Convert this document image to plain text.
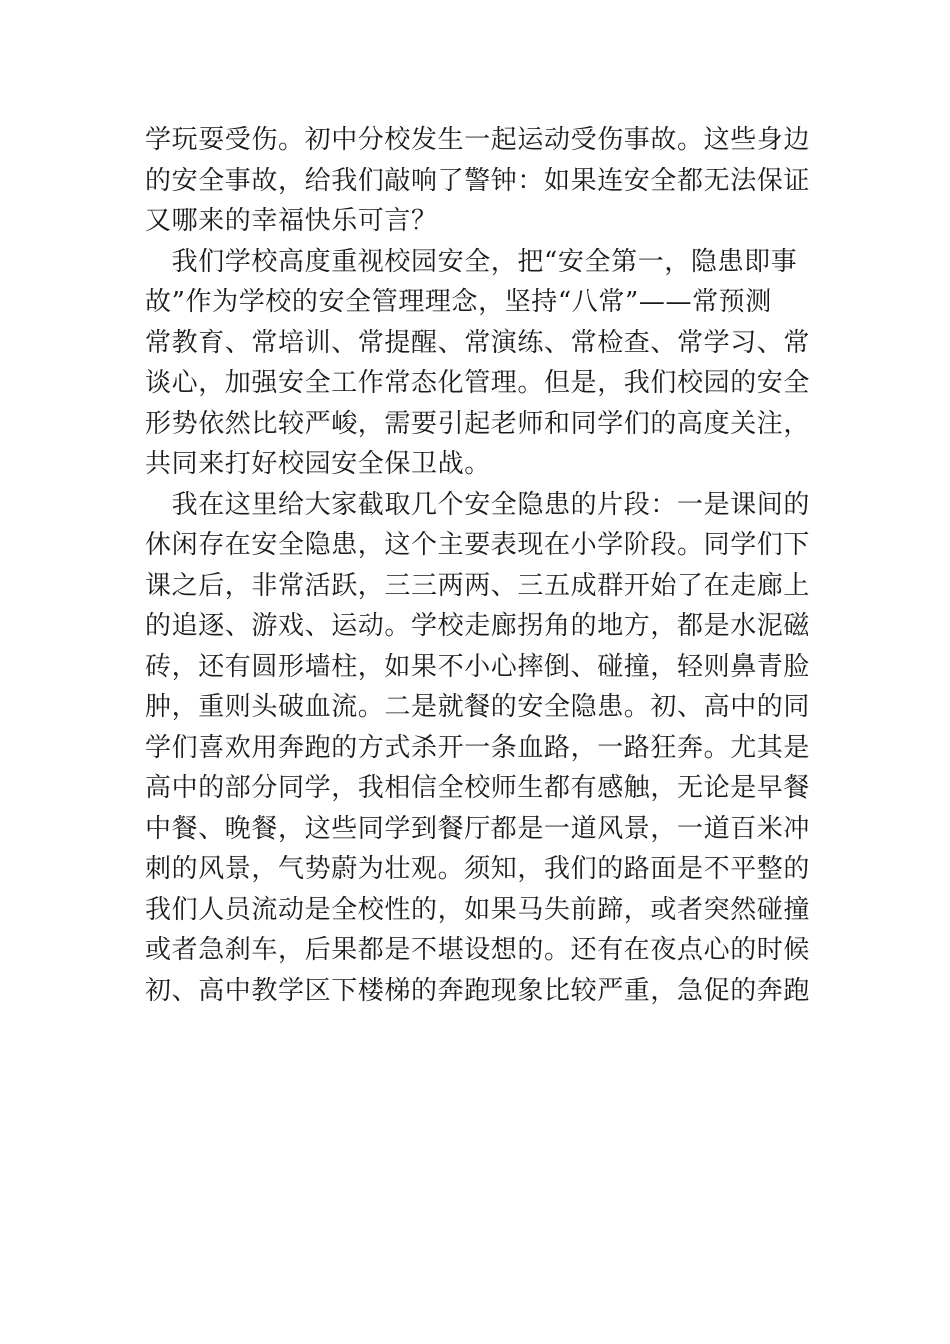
学玩耍受伤。初中分校发生一起运动受伤事故。这些身边
的安全事故，给我们敲响了警钟：如果连安全都无法保证
又哪来的幸福快乐可言？
　我们学校高度重视校园安全，把“安全第一，隐患即事
故”作为学校的安全管理理念，坚持“八常”——常预测
常教育、常培训、常提醒、常演练、常检查、常学习、常
谈心，加强安全工作常态化管理。但是，我们校园的安全
形势依然比较严峻，需要引起老师和同学们的高度关注，
共同来打好校园安全保卫战。
　我在这里给大家截取几个安全隐患的片段：一是课间的
休闲存在安全隐患，这个主要表现在小学阶段。同学们下
课之后，非常活跃，三三两两、三五成群开始了在走廊上
的追逐、游戏、运动。学校走廊拐角的地方，都是水泥磁
砖，还有圆形墙柱，如果不小心摔倒、碰撞，轻则鼻青脸
肿，重则头破血流。二是就餐的安全隐患。初、高中的同
学们喜欢用奔跑的方式杀开一条血路，一路狂奔。尤其是
高中的部分同学，我相信全校师生都有感触，无论是早餐
中餐、晚餐，这些同学到餐厅都是一道风景，一道百米冲
刺的风景，气势蔚为壮观。须知，我们的路面是不平整的
我们人员流动是全校性的，如果马失前蹄，或者突然碰撞
或者急刹车，后果都是不堪设想的。还有在夜点心的时候
初、高中教学区下楼梯的奔跑现象比较严重，急促的奔跑
